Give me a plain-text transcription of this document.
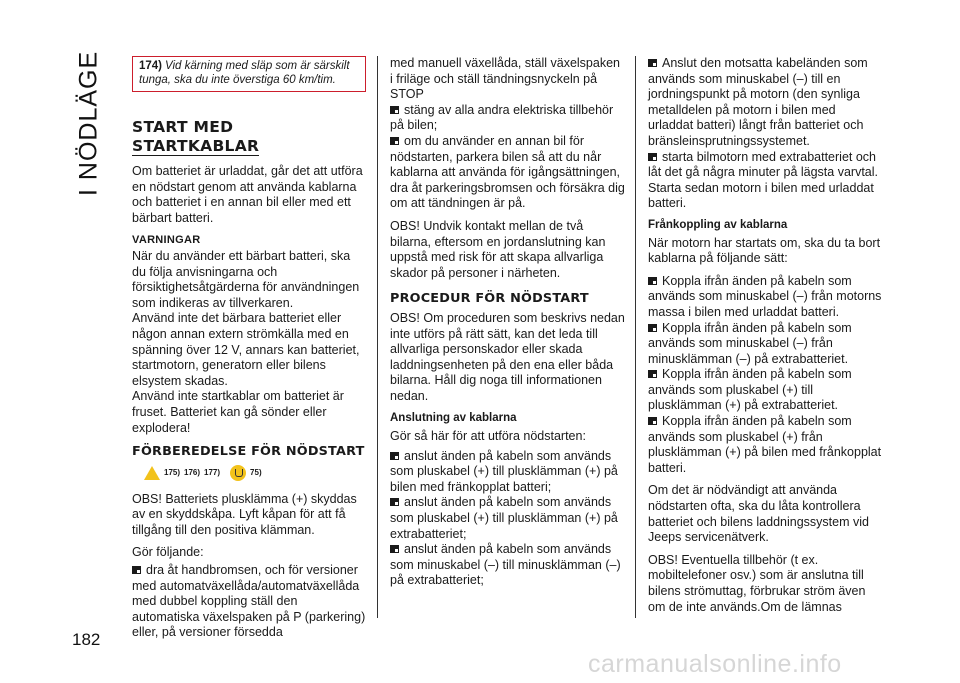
I NÖDLÄGE
182
174) Vid kärning med släp som är särskilt tunga, ska du inte överstiga 60 km/tim.
START MED
STARTKABLAR

Om batteriet är urladdat, går det att utföra en nödstart genom att använda kablarna och batteriet i en annan bil eller med ett bärbart batteri.

VARNINGAR
När du använder ett bärbart batteri, ska du följa anvisningarna och försiktighetsåtgärderna för användningen som indikeras av tillverkaren.
Använd inte det bärbara batteriet eller någon annan extern strömkälla med en spänning över 12 V, annars kan batteriet, startmotorn, generatorn eller bilens elsystem skadas.
Använd inte startkablar om batteriet är fruset. Batteriet kan gå sönder eller explodera!
FÖRBEREDELSE FÖR NÖDSTART
175) 176) 177)	75)

OBS! Batteriets plusklämma (+) skyddas av en skyddskåpa. Lyft kåpan för att få tillgång till den positiva klämman.

Gör följande:

dra åt handbromsen, och för versioner med automatväxellåda/automatväxellåda med dubbel koppling ställ den automatiska växelspaken på P (parkering) eller, på versioner försedda
med manuell växellåda, ställ växelspaken i friläge och ställ tändningsnyckeln på STOP
stäng av alla andra elektriska tillbehör på bilen;
om du använder en annan bil för nödstarten, parkera bilen så att du når kablarna att använda för igångsättningen, dra åt parkeringsbromsen och försäkra dig om att tändningen är på.

OBS! Undvik kontakt mellan de två bilarna, eftersom en jordanslutning kan uppstå med risk för att skapa allvarliga skador på personer i närheten.

PROCEDUR FÖR NÖDSTART

OBS! Om proceduren som beskrivs nedan inte utförs på rätt sätt, kan det leda till allvarliga personskador eller skada laddningsenheten på den ena eller båda bilarna. Håll dig noga till informationen nedan.

Anslutning av kablarna
Gör så här för att utföra nödstarten:
anslut änden på kabeln som används som pluskabel (+) till plusklämman (+) på bilen med fränkopplat batteri;
anslut änden på kabeln som används som pluskabel (+) till plusklämman (+) på extrabatteriet;
anslut änden på kabeln som används som minuskabel (–) till minusklämman (–) på extrabatteriet;
Anslut den motsatta kabeländen som används som minuskabel (–) till en jordningspunkt på motorn (den synliga metalldelen på motorn i bilen med urladdat batteri) långt från batteriet och bränsleinsprutningssystemet.
starta bilmotorn med extrabatteriet och låt det gå några minuter på lägsta varvtal. Starta sedan motorn i bilen med urladdat batteri.
Frånkoppling av kablarna

När motorn har startats om, ska du ta bort kablarna på följande sätt:

Koppla ifrån änden på kabeln som används som minuskabel (–) från motorns massa i bilen med urladdat batteri.
Koppla ifrån änden på kabeln som används som minuskabel (–) från minusklämman (–) på extrabatteriet.
Koppla ifrån änden på kabeln som används som pluskabel (+) till plusklämman (+) på extrabatteriet.
Koppla ifrån änden på kabeln som används som pluskabel (+) från plusklämman (+) på bilen med frånkopplat batteri.

Om det är nödvändigt att använda nödstarten ofta, ska du låta kontrollera batteriet och bilens laddningssystem vid Jeeps servicenätverk.

OBS! Eventuella tillbehör (t ex. mobiltelefoner osv.) som är anslutna till bilens strömuttag, förbrukar ström även om de inte används.Om de lämnas

carmanualsonline.info
